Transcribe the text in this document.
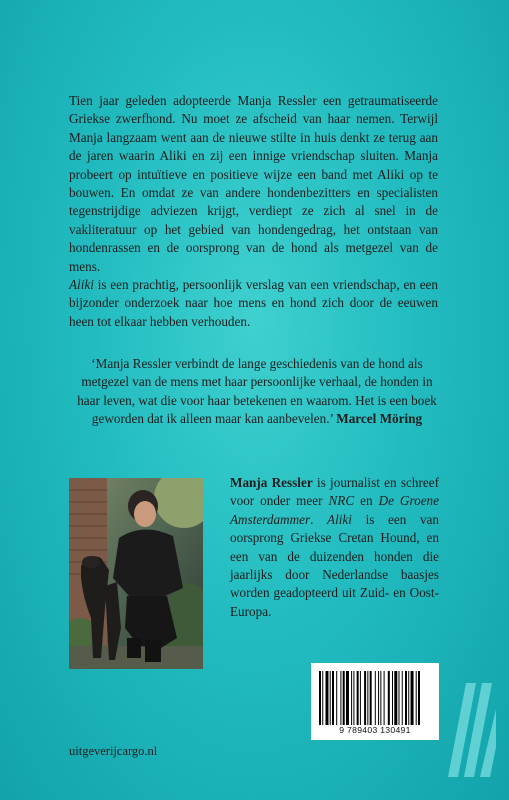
Tien jaar geleden adopteerde Manja Ressler een getraumatiseerde Griekse zwerfhond. Nu moet ze afscheid van haar nemen. Terwijl Manja langzaam went aan de nieuwe stilte in huis denkt ze terug aan de jaren waarin Aliki en zij een innige vriendschap sluiten. Manja probeert op intuïtieve en positieve wijze een band met Aliki op te bouwen. En omdat ze van andere hondenbezitters en specialisten tegenstrijdige adviezen krijgt, verdiept ze zich al snel in de vakliteratuur op het gebied van hondengedrag, het ontstaan van hondenrassen en de oorsprong van de hond als metgezel van de mens.

Aliki is een prachtig, persoonlijk verslag van een vriendschap, en een bijzonder onderzoek naar hoe mens en hond zich door de eeuwen heen tot elkaar hebben verhouden.

‘Manja Ressler verbindt de lange geschiedenis van de hond als metgezel van de mens met haar persoonlijke verhaal, de honden in haar leven, wat die voor haar betekenen en waarom. Het is een boek geworden dat ik alleen maar kan aanbevelen.’ Marcel Möring
Manja Ressler is journalist en schreef voor onder meer NRC en De Groene Amsterdammer. Aliki is een van oorsprong Griekse Cretan Hound, en een van de duizenden honden die jaarlijks door Nederlandse baasjes worden geadopteerd uit Zuid- en Oost-Europa.
9 789403 130491
uitgeverijcargo.nl
